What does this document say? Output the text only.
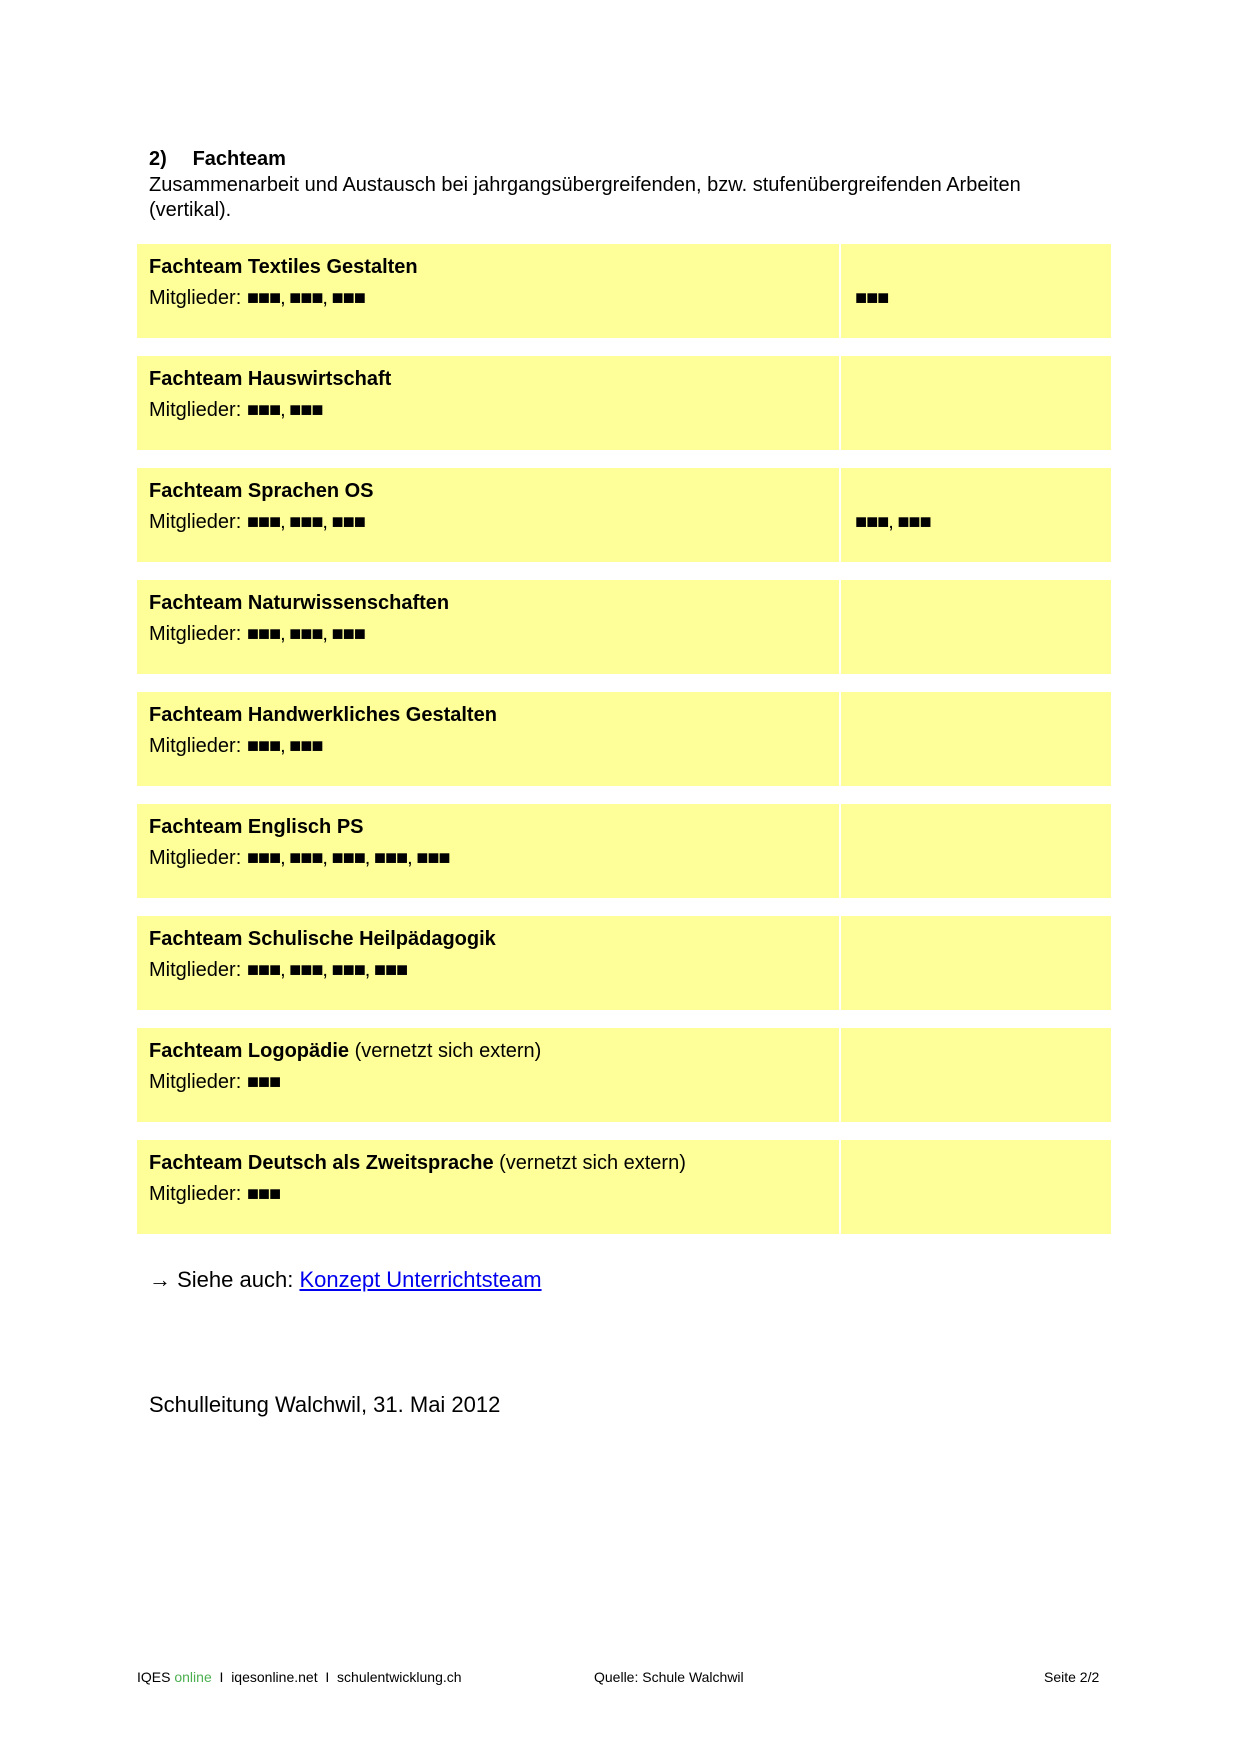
2) Fachteam
Zusammenarbeit und Austausch bei jahrgangsübergreifenden, bzw. stufenübergreifenden Arbeiten (vertikal).
Fachteam Textiles Gestalten
Mitglieder: ■■■, ■■■, ■■■	■■■
Fachteam Hauswirtschaft
Mitglieder: ■■■, ■■■
Fachteam Sprachen OS
Mitglieder: ■■■, ■■■, ■■■	■■■, ■■■
Fachteam Naturwissenschaften
Mitglieder: ■■■, ■■■, ■■■
Fachteam Handwerkliches Gestalten
Mitglieder: ■■■, ■■■
Fachteam Englisch PS
Mitglieder: ■■■, ■■■, ■■■, ■■■, ■■■
Fachteam Schulische Heilpädagogik
Mitglieder: ■■■, ■■■, ■■■, ■■■
Fachteam Logopädie (vernetzt sich extern)
Mitglieder: ■■■
Fachteam Deutsch als Zweitsprache (vernetzt sich extern)
Mitglieder: ■■■
→ Siehe auch: Konzept Unterrichtsteam
Schulleitung Walchwil, 31. Mai 2012
IQES online I iqesonline.net I schulentwicklung.ch	Quelle: Schule Walchwil	Seite 2/2
